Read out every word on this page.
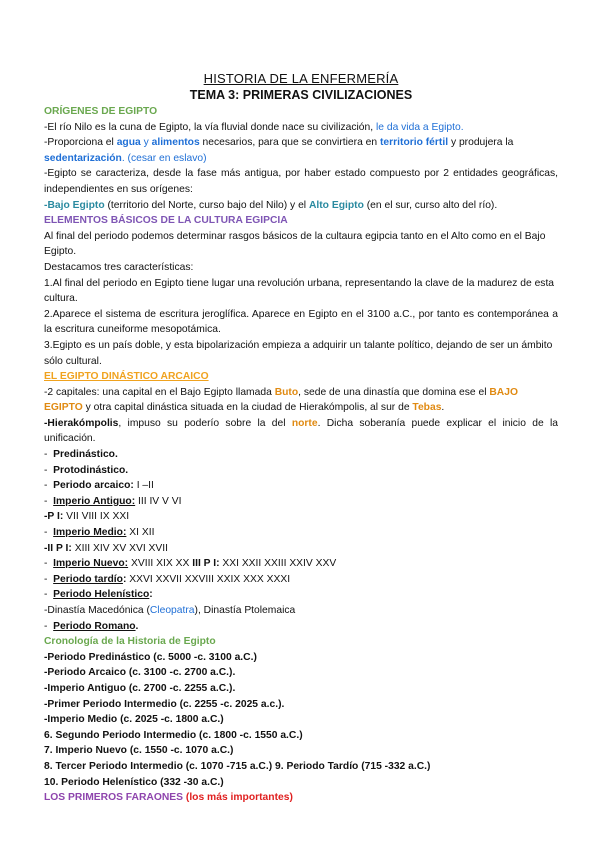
HISTORIA DE LA ENFERMERÍA

TEMA 3: PRIMERAS CIVILIZACIONES

ORÍGENES DE EGIPTO

-El río Nilo es la cuna de Egipto, la vía fluvial donde nace su civilización, le da vida a Egipto.

-Proporciona el agua y alimentos necesarios, para que se convirtiera en territorio fértil y produjera la sedentarización. (cesar en eslavo)

-Egipto se caracteriza, desde la fase más antigua, por haber estado compuesto por 2 entidades geográficas, independientes en sus orígenes:

-Bajo Egipto (territorio del Norte, curso bajo del Nilo) y el Alto Egipto (en el sur, curso alto del río).

ELEMENTOS BÁSICOS DE LA CULTURA EGIPCIA

Al final del periodo podemos determinar rasgos básicos de la cultaura egipcia tanto en el Alto como en el Bajo Egipto.

Destacamos tres características:

1.Al final del periodo en Egipto tiene lugar una revolución urbana, representando la clave de la madurez de esta cultura.

2.Aparece el sistema de escritura jeroglífica. Aparece en Egipto en el 3100 a.C., por tanto es contemporánea a la escritura cuneiforme mesopotámica.

3.Egipto es un país doble, y esta bipolarización empieza a adquirir un talante político, dejando de ser un ámbito sólo cultural.

EL EGIPTO DINÁSTICO ARCAICO

-2 capitales: una capital en el Bajo Egipto llamada Buto, sede de una dinastía que domina ese el BAJO EGIPTO y otra capital dinástica situada en la ciudad de Hierakómpolis, al sur de Tebas.

-Hierakómpolis, impuso su poderío sobre la del norte. Dicha soberanía puede explicar el inicio de la unificación.

-  Predinástico.

-  Protodinástico.

-  Periodo arcaico: I –II

-  Imperio Antiguo: III IV V VI

-P I: VII VIII IX XXI

-  Imperio Medio: XI XII

-II P I: XIII XIV XV XVI XVII

-  Imperio Nuevo: XVIII XIX XX III P I: XXI XXII XXIII XXIV XXV

-  Periodo tardío: XXVI XXVII XXVIII XXIX XXX XXXI

-  Periodo Helenístico:

-Dinastía Macedónica (Cleopatra), Dinastía Ptolemaica

-  Periodo Romano.

Cronología de la Historia de Egipto

-Periodo Predinástico (c. 5000 -c. 3100 a.C.)

-Periodo Arcaico (c. 3100 -c. 2700 a.C.).

-Imperio Antiguo (c. 2700 -c. 2255 a.C.).

-Primer Periodo Intermedio (c. 2255 -c. 2025 a.c.).

-Imperio Medio (c. 2025 -c. 1800 a.C.)

6. Segundo Periodo Intermedio (c. 1800 -c. 1550 a.C.)

7. Imperio Nuevo (c. 1550 -c. 1070 a.C.)

8. Tercer Periodo Intermedio (c. 1070 -715 a.C.) 9. Periodo Tardío (715 -332 a.C.)

10. Periodo Helenístico (332 -30 a.C.)

LOS PRIMEROS FARAONES (los más importantes)
